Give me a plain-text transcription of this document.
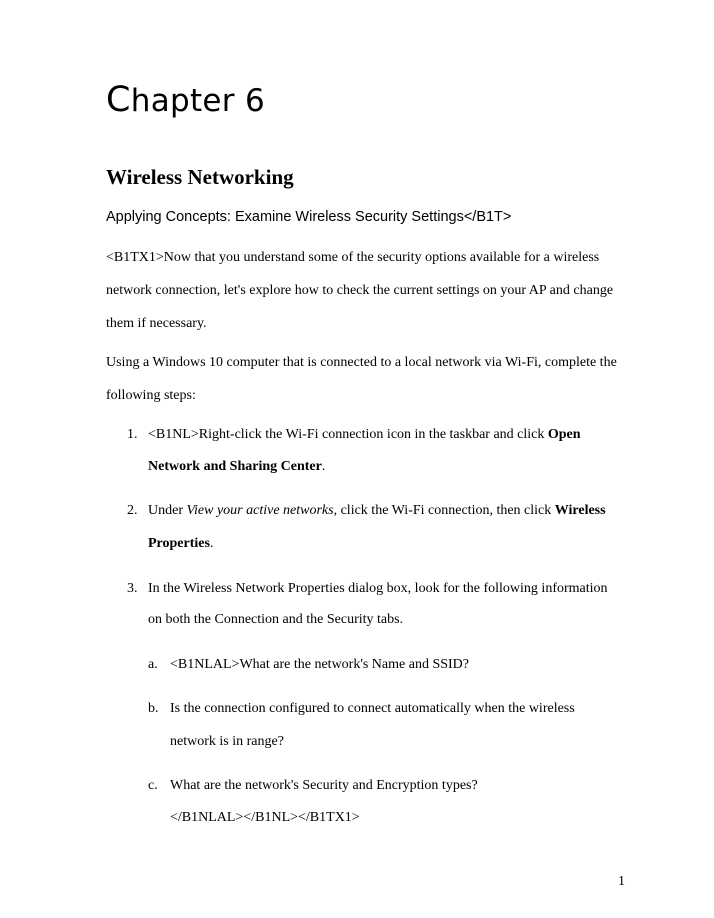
Chapter 6
Wireless Networking

Applying Concepts: Examine Wireless Security Settings</B1T>

<B1TX1>Now that you understand some of the security options available for a wireless

network connection, let's explore how to check the current settings on your AP and change

them if necessary.

Using a Windows 10 computer that is connected to a local network via Wi-Fi, complete the

following steps:

1. <B1NL>Right-click the Wi-Fi connection icon in the taskbar and click Open

Network and Sharing Center.

2. Under View your active networks, click the Wi-Fi connection, then click Wireless

Properties.

3. In the Wireless Network Properties dialog box, look for the following information

on both the Connection and the Security tabs.

a. <B1NLAL>What are the network's Name and SSID?

b. Is the connection configured to connect automatically when the wireless

network is in range?

c. What are the network's Security and Encryption types?

</B1NLAL></B1NL></B1TX1>

1
